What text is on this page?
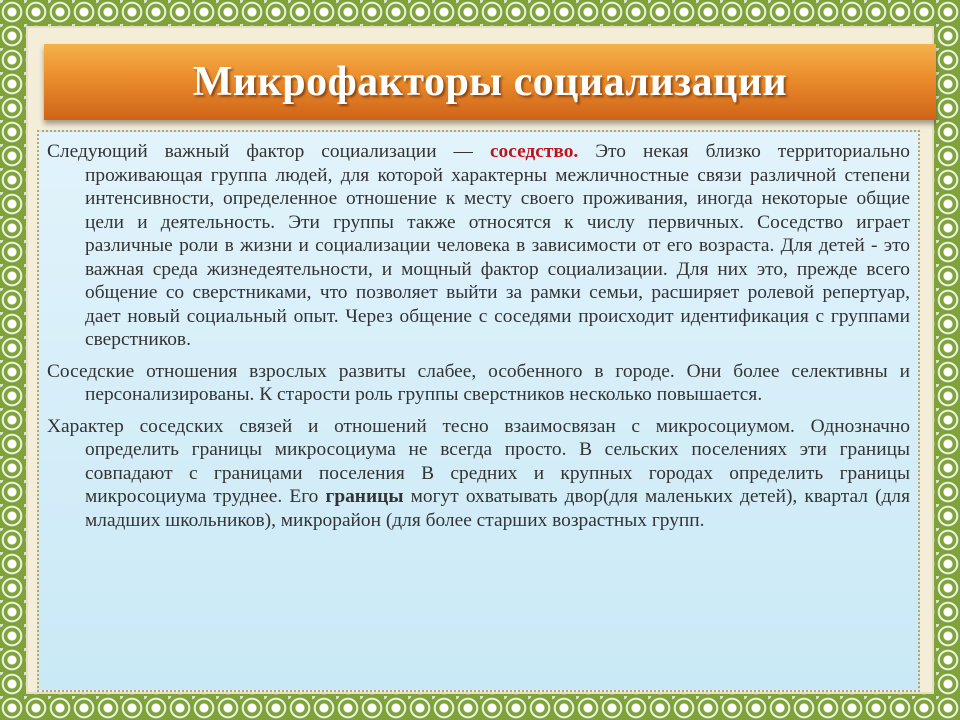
Микрофакторы социализации

Следующий важный фактор социализации — соседство. Это некая близко территориально проживающая группа людей, для которой характерны межличностные связи различной степени интенсивности, определенное отношение к месту своего проживания, иногда некоторые общие цели и деятельность. Эти группы также относятся к числу первичных. Соседство играет различные роли в жизни и социализации человека в зависимости от его возраста. Для детей - это важная среда жизнедеятельности, и мощный фактор социализации. Для них это, прежде всего общение со сверстниками, что позволяет выйти за рамки семьи, расширяет ролевой репертуар, дает новый социальный опыт. Через общение с соседями происходит идентификация с группами сверстников.

Соседские отношения взрослых развиты слабее, особенного в городе. Они более селективны и персонализированы. К старости роль группы сверстников несколько повышается.

Характер соседских связей и отношений тесно взаимосвязан с микросоциумом. Однозначно определить границы микросоциума не всегда просто. В сельских поселениях эти границы совпадают с границами поселения В средних и крупных городах определить границы микросоциума труднее. Его границы могут охватывать двор(для маленьких детей), квартал (для младших школьников), микрорайон (для более старших возрастных групп.
